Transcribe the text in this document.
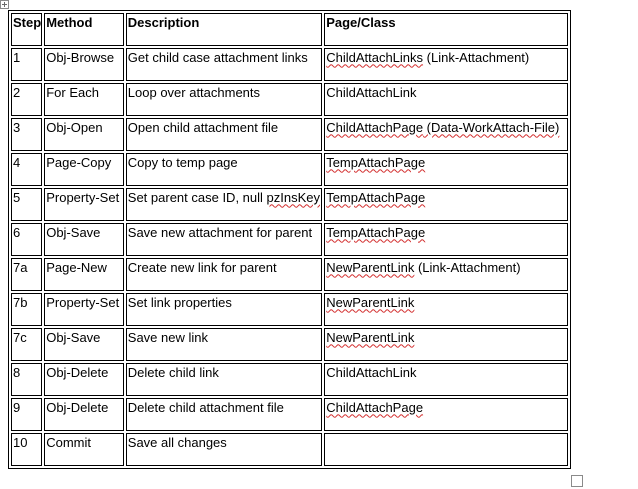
Step	Method	Description	Page/Class

1	Obj-Browse	Get child case attachment links	ChildAttachLinks (Link-Attachment)

2	For Each	Loop over attachments	ChildAttachLink

3	Obj-Open	Open child attachment file	ChildAttachPage (Data-WorkAttach-File)

4	Page-Copy	Copy to temp page	TempAttachPage

5	Property-Set	Set parent case ID, null pzInsKey	TempAttachPage

6	Obj-Save	Save new attachment for parent	TempAttachPage

7a	Page-New	Create new link for parent	NewParentLink (Link-Attachment)

7b	Property-Set	Set link properties	NewParentLink

7c	Obj-Save	Save new link	NewParentLink

8	Obj-Delete	Delete child link	ChildAttachLink

9	Obj-Delete	Delete child attachment file	ChildAttachPage

10	Commit	Save all changes	
